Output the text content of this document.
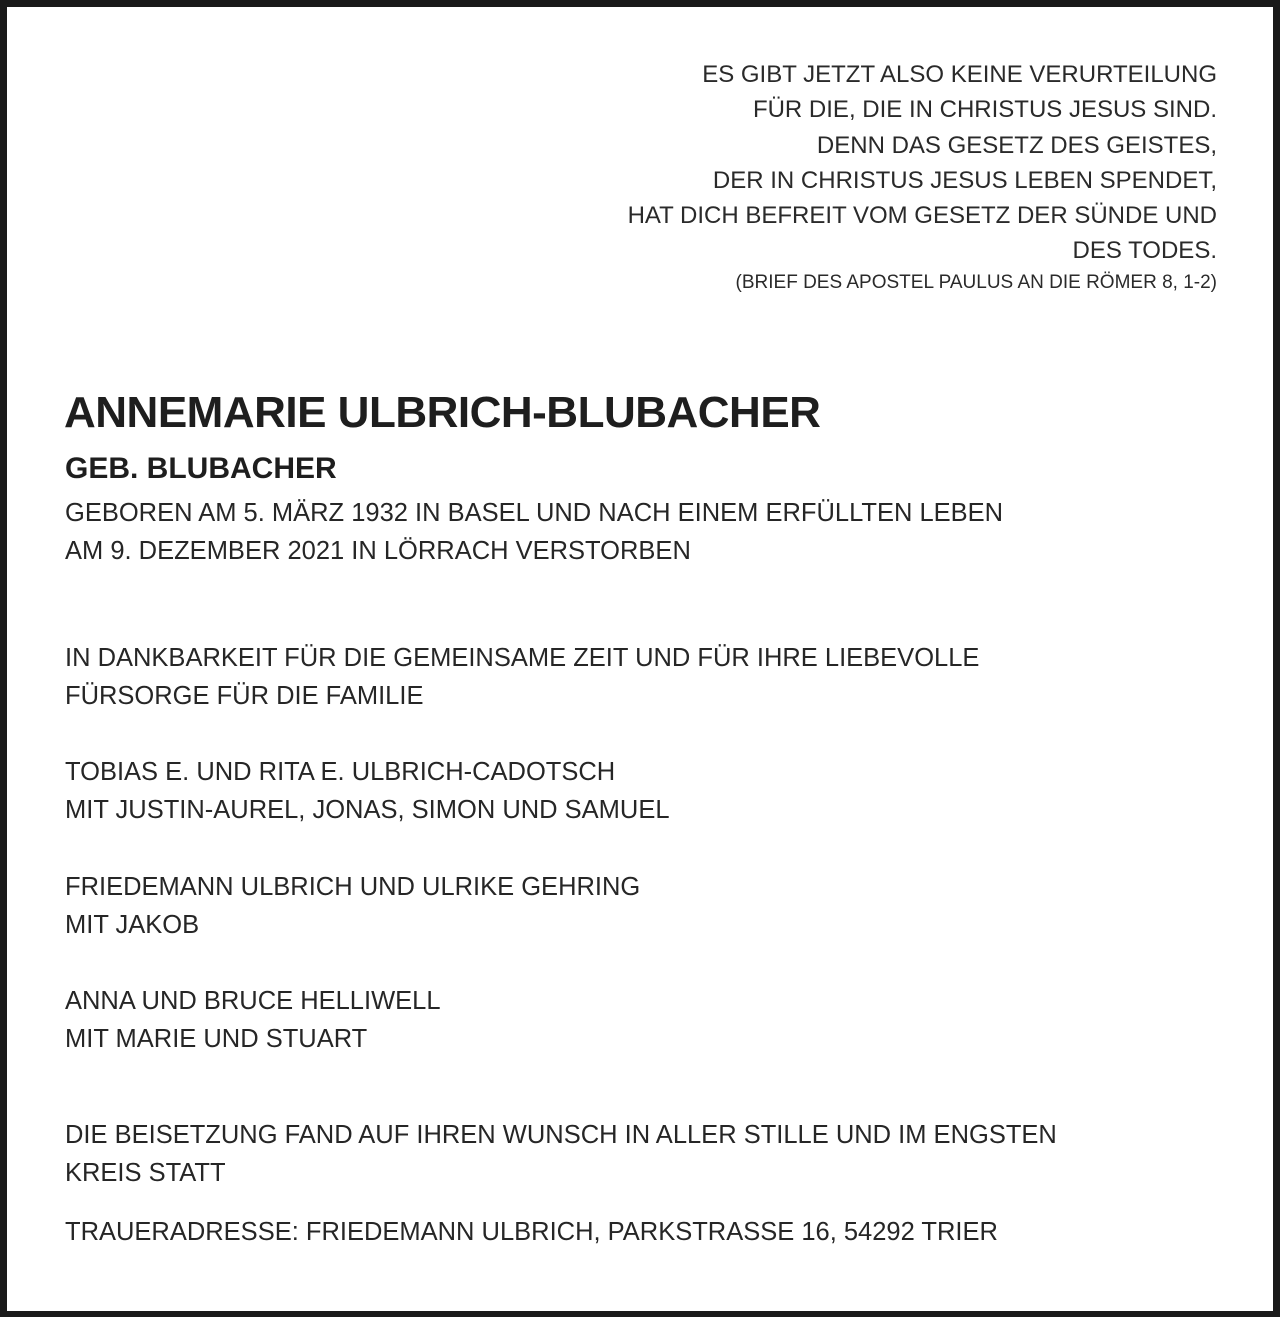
ES GIBT JETZT ALSO KEINE VERURTEILUNG
FÜR DIE, DIE IN CHRISTUS JESUS SIND.
DENN DAS GESETZ DES GEISTES,
DER IN CHRISTUS JESUS LEBEN SPENDET,
HAT DICH BEFREIT VOM GESETZ DER SÜNDE UND
DES TODES.
(BRIEF DES APOSTEL PAULUS AN DIE RÖMER 8, 1-2)
ANNEMARIE ULBRICH-BLUBACHER
GEB. BLUBACHER
GEBOREN AM 5. MÄRZ 1932 IN BASEL UND NACH EINEM ERFÜLLTEN LEBEN
AM 9. DEZEMBER 2021 IN LÖRRACH VERSTORBEN
IN DANKBARKEIT FÜR DIE GEMEINSAME ZEIT UND FÜR IHRE LIEBEVOLLE
FÜRSORGE FÜR DIE FAMILIE
TOBIAS E. UND RITA E. ULBRICH-CADOTSCH
MIT JUSTIN-AUREL, JONAS, SIMON UND SAMUEL
FRIEDEMANN ULBRICH UND ULRIKE GEHRING
MIT JAKOB
ANNA UND BRUCE HELLIWELL
MIT MARIE UND STUART
DIE BEISETZUNG FAND AUF IHREN WUNSCH IN ALLER STILLE UND IM ENGSTEN
KREIS STATT
TRAUERADRESSE: FRIEDEMANN ULBRICH, PARKSTRASSE 16, 54292 TRIER
